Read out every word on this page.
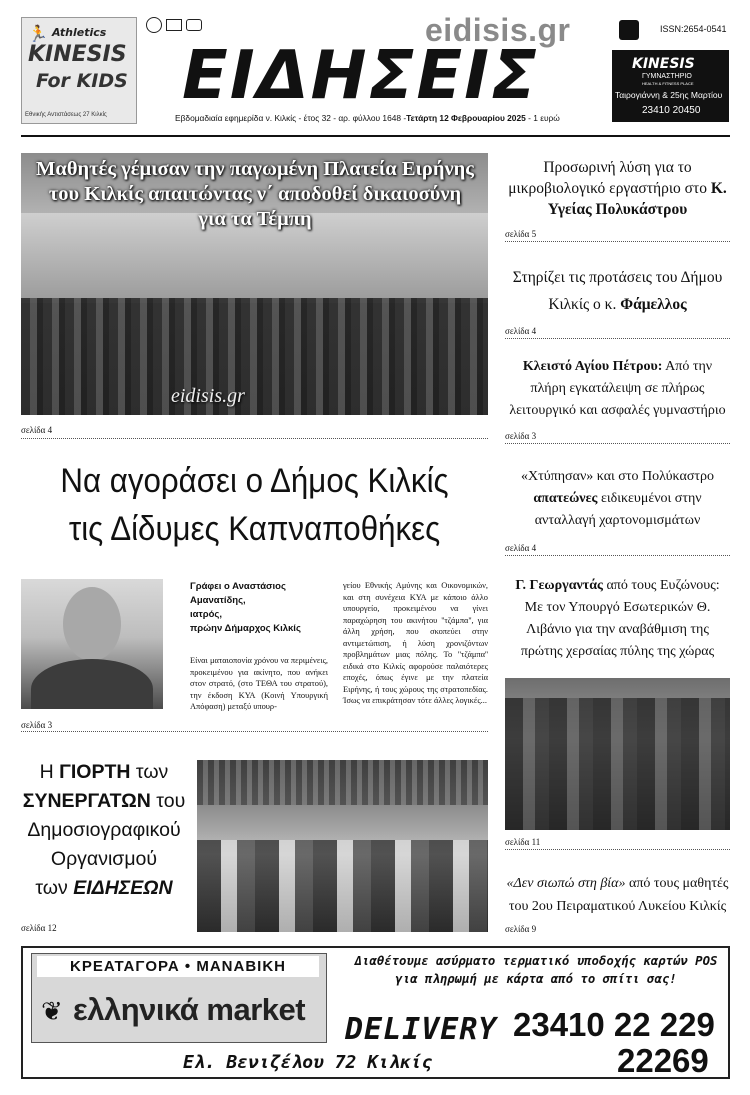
🏃 Athletics
KINESIS
For KIDS
Εθνικής Αντιστάσεως 27 Κιλκίς
eidisis.gr	ISSN:2654-0541
ΕΙΔΗΣΕΙΣ	KINESIS
ΓΥΜΝΑΣΤΗΡΙΟ
HEALTH & FITNESS PLACE
Ταιρογιάννη & 25ης Μαρτίου
23410 20450
Εβδομαδιαία εφημερίδα ν. Κιλκίς - έτος 32 - αρ. φύλλου 1648 -Τετάρτη 12 Φεβρουαρίου 2025 - 1 ευρώ
Μαθητές γέμισαν την παγωμένη Πλατεία Ειρήνης του Κιλκίς απαιτώντας ν΄ αποδοθεί δικαιοσύνη για τα Τέμπη
eidisis.gr
σελίδα 4
Προσωρινή λύση για το μικροβιολογικό εργαστήριο στο Κ. Υγείας Πολυκάστρου
σελίδα 5
Στηρίζει τις προτάσεις του Δήμου Κιλκίς ο κ. Φάμελλος
σελίδα 4
Κλειστό Αγίου Πέτρου: Από την πλήρη εγκατάλειψη σε πλήρως λειτουργικό και ασφαλές γυμναστήριο
σελίδα 3
«Χτύπησαν» και στο Πολύκαστρο απατεώνες ειδικευμένοι στην ανταλλαγή χαρτονομισμάτων
σελίδα 4
Γ. Γεωργαντάς από τους Ευζώνους: Με τον Υπουργό Εσωτερικών Θ. Λιβάνιο για την αναβάθμιση της πρώτης χερσαίας πύλης της χώρας
σελίδα 11
«Δεν σιωπώ στη βία» από τους μαθητές του 2ου Πειραματικού Λυκείου Κιλκίς
σελίδα 9
Να αγοράσει ο Δήμος Κιλκίς
τις Δίδυμες Καπναποθήκες
Γράφει ο Αναστάσιος
Αμανατίδης,
ιατρός,
πρώην Δήμαρχος Κιλκίς

Είναι ματαιοπονία χρόνου να περιμένεις, προκειμένου για ακίνητο, που ανήκει στον στρατό, (στο ΤΕΘΑ του στρατού), την έκδοση ΚΥΑ (Κοινή Υπουργική Απόφαση) μεταξύ υπουρ-

γείου Εθνικής Αμύνης και Οικονομικών, και στη συνέχεια ΚΥΑ με κάποιο άλλο υπουργείο, προκειμένου να γίνει παραχώρηση του ακινήτου ''τζάμπα'', για άλλη χρήση, που σκοπεύει στην αντιμετώπιση, ή λύση χρονιζόντων προβλημάτων μιας πόλης. Το ''τζάμπα'' ειδικά στο Κιλκίς αφορούσε παλαιότερες εποχές, όπως έγινε με την πλατεία Ειρήνης, ή τους χώρους της στρατοπεδίας. Ίσως να επικράτησαν τότε άλλες λογικές...

σελίδα 3
Η ΓΙΟΡΤΗ των
ΣΥΝΕΡΓΑΤΩΝ του
Δημοσιογραφικού
Οργανισμού
των ΕΙΔΗΣΕΩΝ
σελίδα 12
ΚΡΕΑΤΑΓΟΡΑ • ΜΑΝΑΒΙΚΗ
❦ ελληνικά market
Διαθέτουμε ασύρματο τερματικό υποδοχής καρτών POS για πληρωμή με κάρτα από το σπίτι σας!
DELIVERY 23410 22 229
22269
Ελ. Βενιζέλου 72 Κιλκίς
